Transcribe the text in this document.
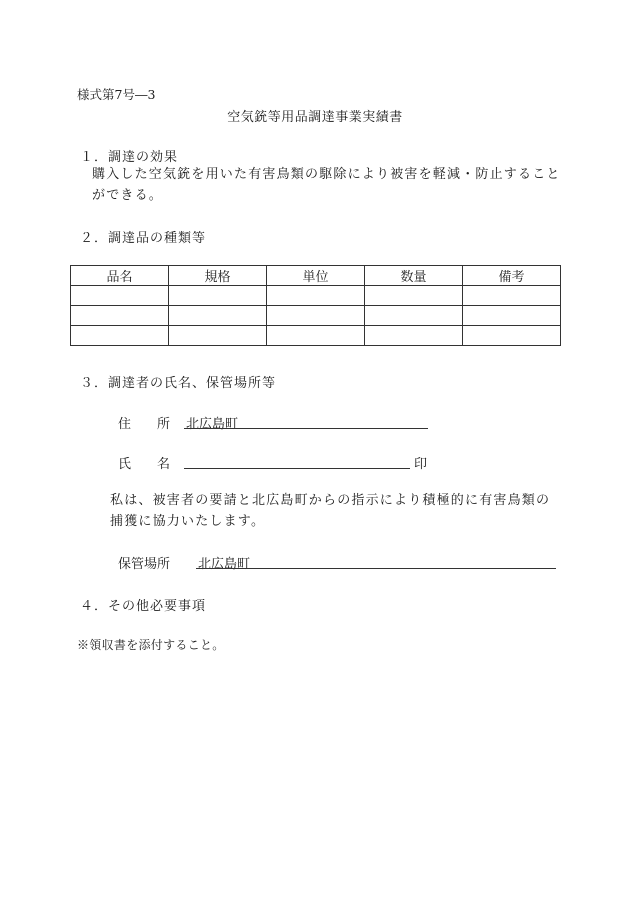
様式第7号―3
空気銃等用品調達事業実績書
１．調達の効果
購入した空気銃を用いた有害鳥類の駆除により被害を軽減・防止することができる。
２．調達品の種類等
品名	規格	単位	数量	備考

３．調達者の氏名、保管場所等
住　　所 北広島町
氏　　名	印
私は、被害者の要請と北広島町からの指示により積極的に有害鳥類の捕獲に協力いたします。
保管場所 北広島町
４．その他必要事項
※領収書を添付すること。
